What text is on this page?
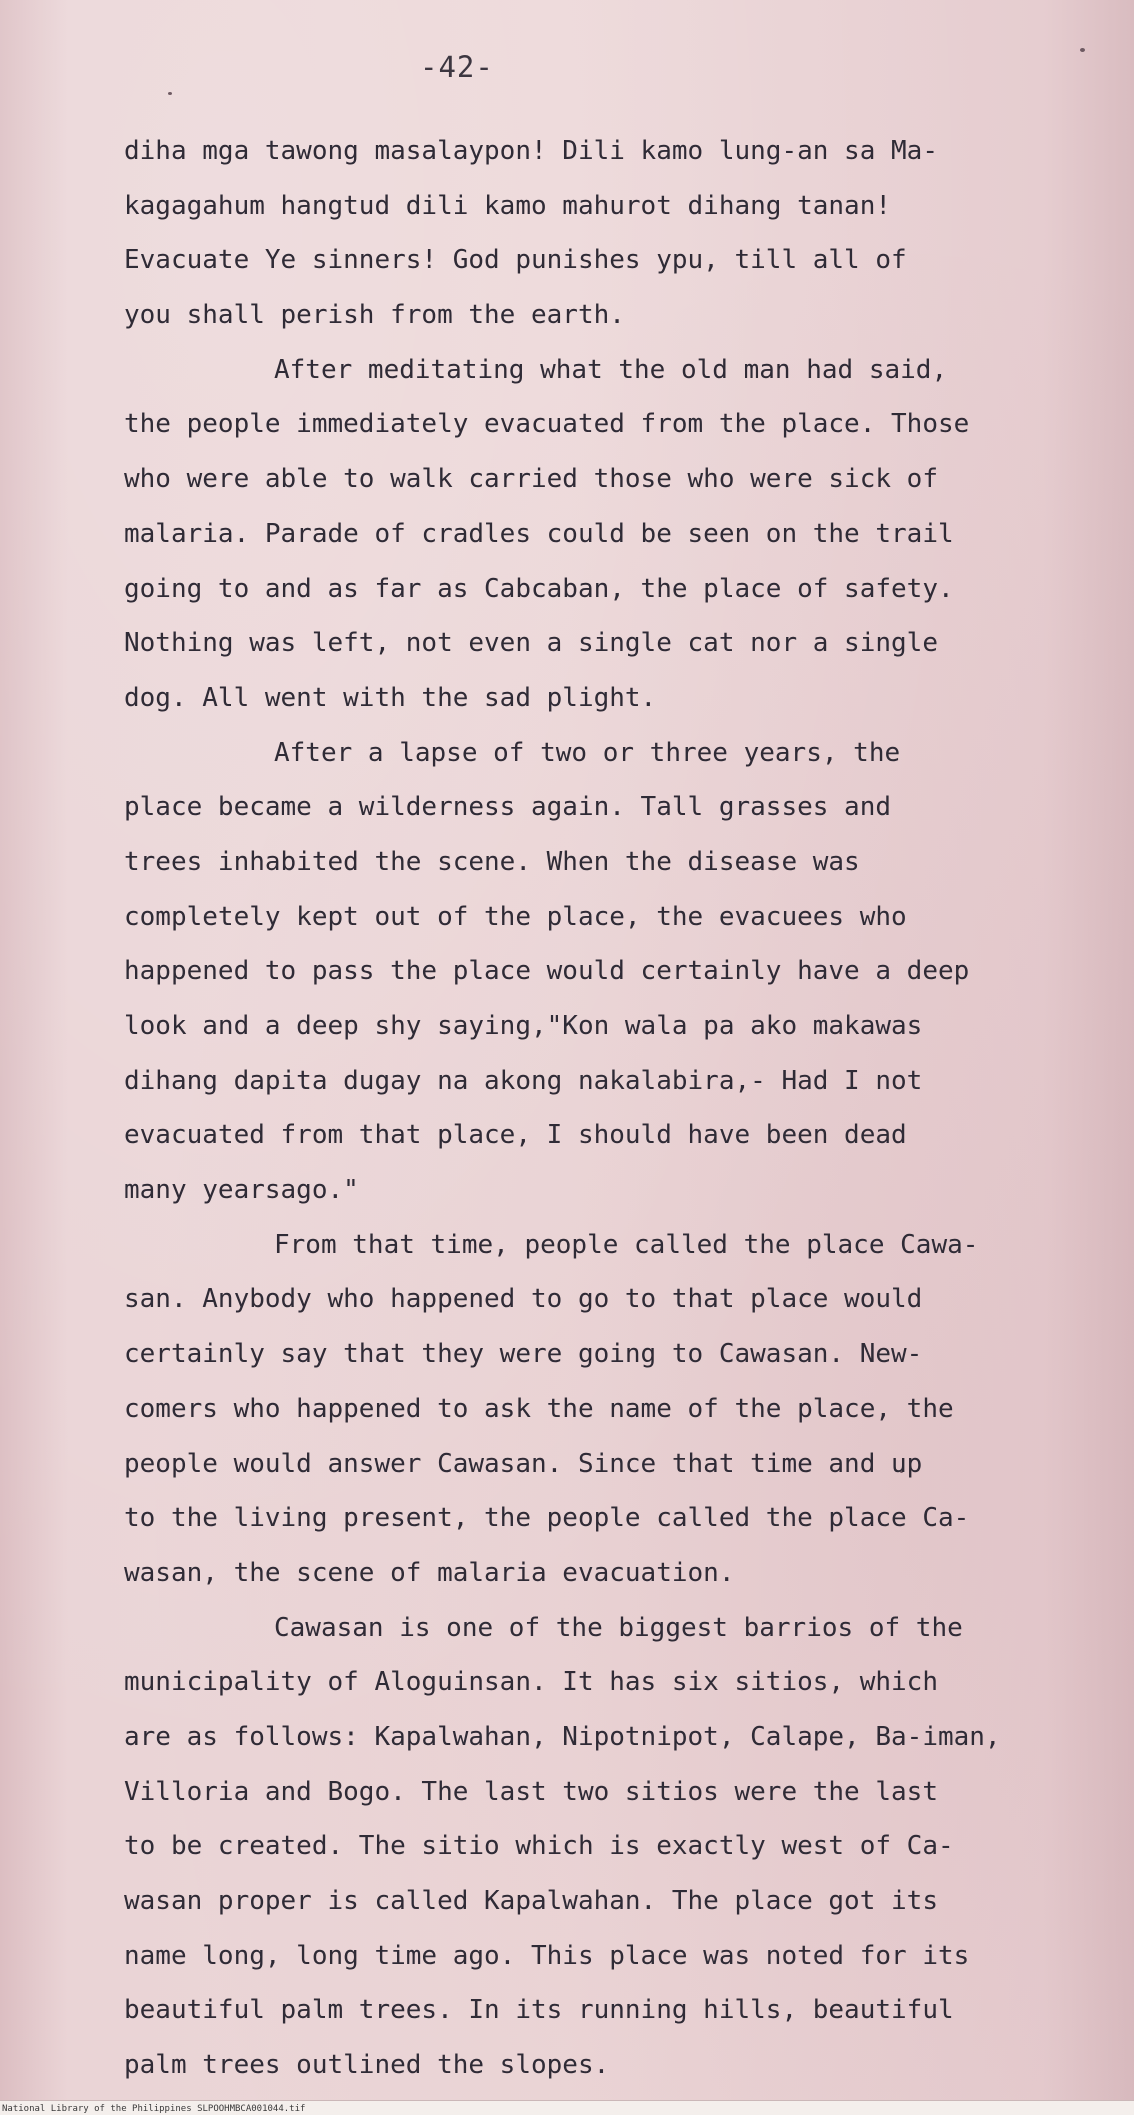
-42-
diha mga tawong masalaypon! Dili kamo lung-an sa Ma-
kagagahum hangtud dili kamo mahurot dihang tanan!
Evacuate Ye sinners! God punishes ypu, till all of
you shall perish from the earth.
After meditating what the old man had said,
the people immediately evacuated from the place. Those
who were able to walk carried those who were sick of
malaria. Parade of cradles could be seen on the trail
going to and as far as Cabcaban, the place of safety.
Nothing was left, not even a single cat nor a single
dog. All went with the sad plight.
After a lapse of two or three years, the
place became a wilderness again. Tall grasses and
trees inhabited the scene. When the disease was
completely kept out of the place, the evacuees who
happened to pass the place would certainly have a deep
look and a deep shy saying,"Kon wala pa ako makawas
dihang dapita dugay na akong nakalabira,- Had I not
evacuated from that place, I should have been dead
many yearsago."
From that time, people called the place Cawa-
san. Anybody who happened to go to that place would
certainly say that they were going to Cawasan. New-
comers who happened to ask the name of the place, the
people would answer Cawasan. Since that time and up
to the living present, the people called the place Ca-
wasan, the scene of malaria evacuation.
Cawasan is one of the biggest barrios of the
municipality of Aloguinsan. It has six sitios, which
are as follows: Kapalwahan, Nipotnipot, Calape, Ba-iman,
Villoria and Bogo. The last two sitios were the last
to be created. The sitio which is exactly west of Ca-
wasan proper is called Kapalwahan. The place got its
name long, long time ago. This place was noted for its
beautiful palm trees. In its running hills, beautiful
palm trees outlined the slopes.
National Library of the Philippines SLPOOHMBCA001044.tif
